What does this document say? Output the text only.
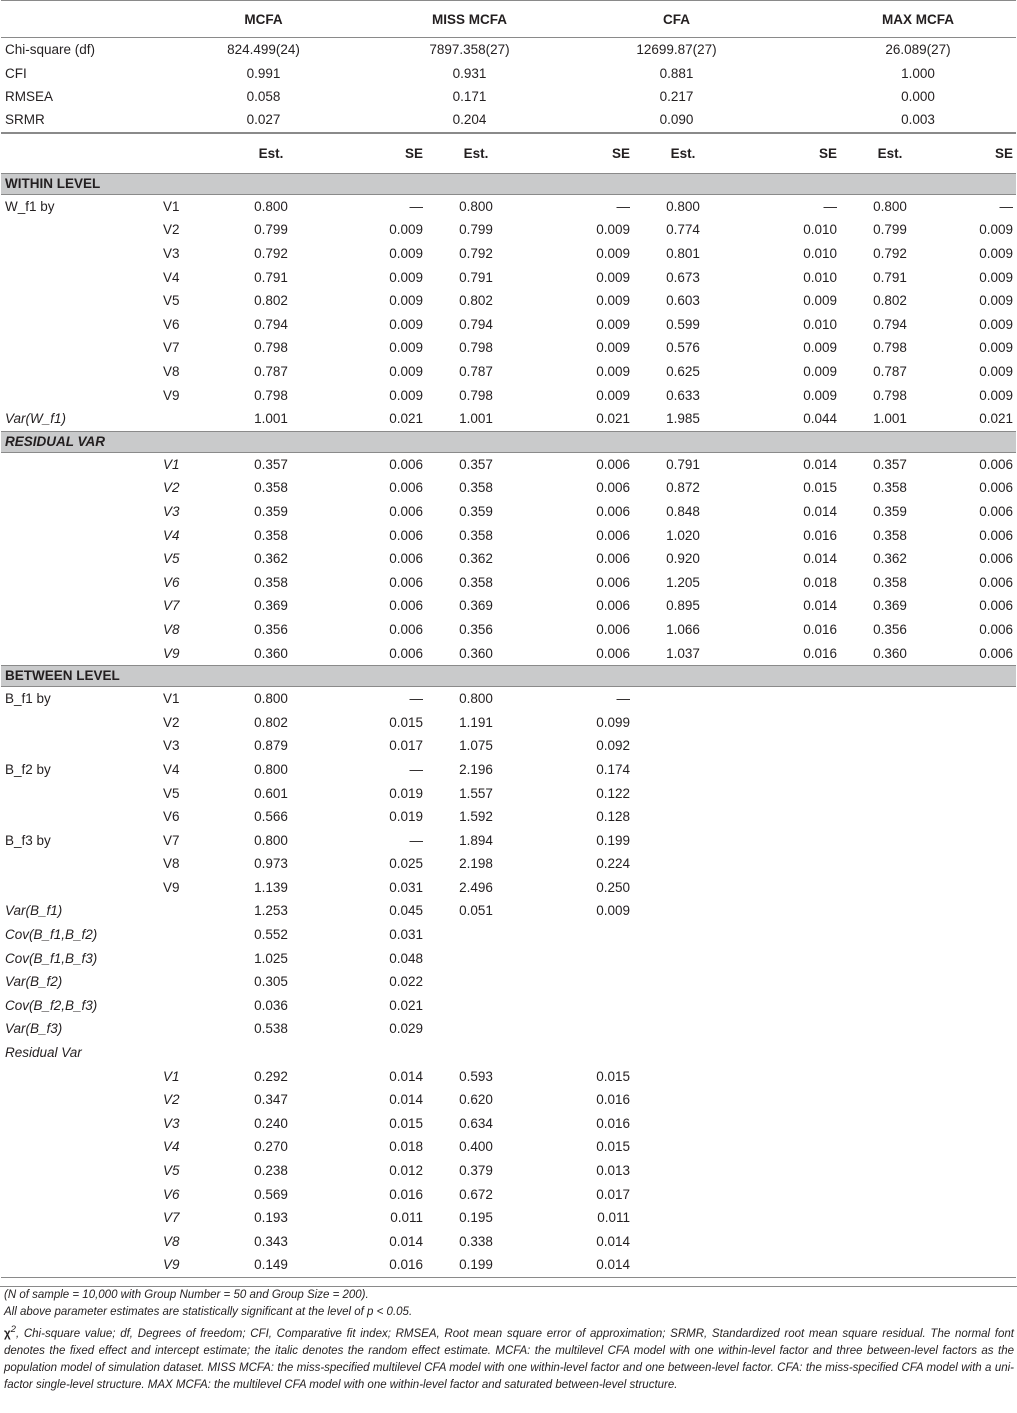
	MCFA	MISS MCFA	CFA	MAX MCFA
Chi-square (df)	824.499(24)	7897.358(27)	12699.87(27)	26.089(27)
CFI	0.991	0.931	0.881	1.000
RMSEA	0.058	0.171	0.217	0.000
SRMR	0.027	0.204	0.090	0.003
		Est.	SE	Est.	SE	Est.	SE	Est.	SE
WITHIN LEVEL									
W_f1 by	V1	0.800	—	0.800	—	0.800	—	0.800	—
	V2	0.799	0.009	0.799	0.009	0.774	0.010	0.799	0.009
	V3	0.792	0.009	0.792	0.009	0.801	0.010	0.792	0.009
	V4	0.791	0.009	0.791	0.009	0.673	0.010	0.791	0.009
	V5	0.802	0.009	0.802	0.009	0.603	0.009	0.802	0.009
	V6	0.794	0.009	0.794	0.009	0.599	0.010	0.794	0.009
	V7	0.798	0.009	0.798	0.009	0.576	0.009	0.798	0.009
	V8	0.787	0.009	0.787	0.009	0.625	0.009	0.787	0.009
	V9	0.798	0.009	0.798	0.009	0.633	0.009	0.798	0.009
Var(W_f1)		1.001	0.021	1.001	0.021	1.985	0.044	1.001	0.021
RESIDUAL VAR									
	V1	0.357	0.006	0.357	0.006	0.791	0.014	0.357	0.006
	V2	0.358	0.006	0.358	0.006	0.872	0.015	0.358	0.006
	V3	0.359	0.006	0.359	0.006	0.848	0.014	0.359	0.006
	V4	0.358	0.006	0.358	0.006	1.020	0.016	0.358	0.006
	V5	0.362	0.006	0.362	0.006	0.920	0.014	0.362	0.006
	V6	0.358	0.006	0.358	0.006	1.205	0.018	0.358	0.006
	V7	0.369	0.006	0.369	0.006	0.895	0.014	0.369	0.006
	V8	0.356	0.006	0.356	0.006	1.066	0.016	0.356	0.006
	V9	0.360	0.006	0.360	0.006	1.037	0.016	0.360	0.006
BETWEEN LEVEL									
B_f1 by	V1	0.800	—	0.800	—				
	V2	0.802	0.015	1.191	0.099				
	V3	0.879	0.017	1.075	0.092				
B_f2 by	V4	0.800	—	2.196	0.174				
	V5	0.601	0.019	1.557	0.122				
	V6	0.566	0.019	1.592	0.128				
B_f3 by	V7	0.800	—	1.894	0.199				
	V8	0.973	0.025	2.198	0.224				
	V9	1.139	0.031	2.496	0.250				
Var(B_f1)		1.253	0.045	0.051	0.009				
Cov(B_f1,B_f2)		0.552	0.031						
Cov(B_f1,B_f3)		1.025	0.048						
Var(B_f2)		0.305	0.022						
Cov(B_f2,B_f3)		0.036	0.021						
Var(B_f3)		0.538	0.029						
Residual Var									
	V1	0.292	0.014	0.593	0.015				
	V2	0.347	0.014	0.620	0.016				
	V3	0.240	0.015	0.634	0.016				
	V4	0.270	0.018	0.400	0.015				
	V5	0.238	0.012	0.379	0.013				
	V6	0.569	0.016	0.672	0.017				
	V7	0.193	0.011	0.195	0.011				
	V8	0.343	0.014	0.338	0.014				
	V9	0.149	0.016	0.199	0.014				

(N of sample = 10,000 with Group Number = 50 and Group Size = 200).

All above parameter estimates are statistically significant at the level of p < 0.05.

$\chi^2$, Chi-square value; df, Degrees of freedom; CFI, Comparative fit index; RMSEA, Root mean square error of approximation; SRMR, Standardized root mean square residual. The normal font denotes the fixed effect and intercept estimate; the italic denotes the random effect estimate. MCFA: the multilevel CFA model with one within-level factor and three between-level factors as the population model of simulation dataset. MISS MCFA: the miss-specified multilevel CFA model with one within-level factor and one between-level factor. CFA: the miss-specified CFA model with a uni-factor single-level structure. MAX MCFA: the multilevel CFA model with one within-level factor and saturated between-level structure.
